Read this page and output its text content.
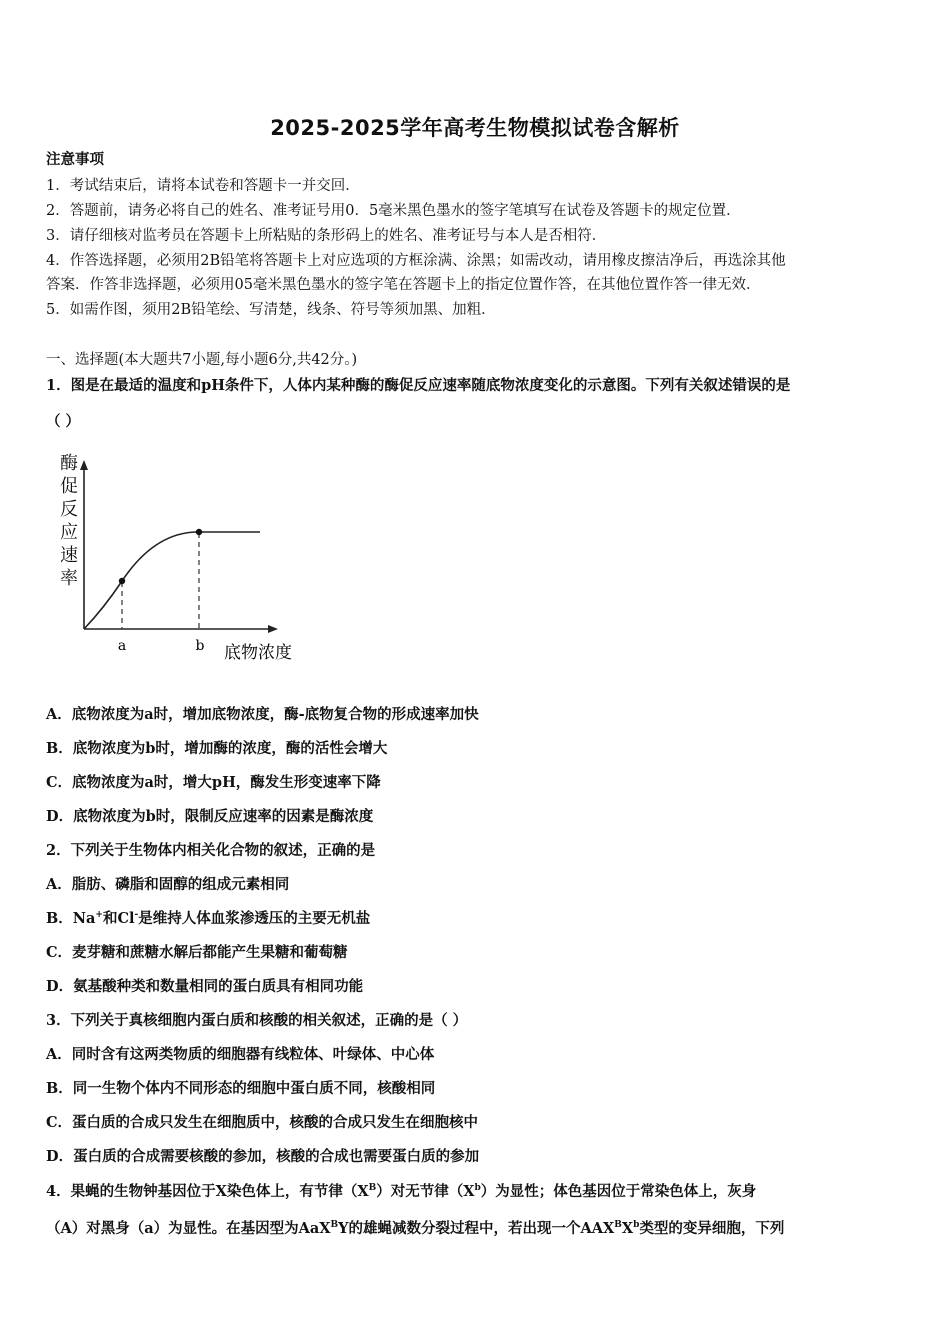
2025-2025学年高考生物模拟试卷含解析
注意事项
1．考试结束后，请将本试卷和答题卡一并交回．
2．答题前，请务必将自己的姓名、准考证号用0．5毫米黑色墨水的签字笔填写在试卷及答题卡的规定位置．
3．请仔细核对监考员在答题卡上所粘贴的条形码上的姓名、准考证号与本人是否相符．
4．作答选择题，必须用2B铅笔将答题卡上对应选项的方框涂满、涂黑；如需改动，请用橡皮擦洁净后，再选涂其他
答案．作答非选择题，必须用05毫米黑色墨水的签字笔在答题卡上的指定位置作答，在其他位置作答一律无效．
5．如需作图，须用2B铅笔绘、写清楚，线条、符号等须加黑、加粗．
一、选择题(本大题共7小题,每小题6分,共42分。)
1．图是在最适的温度和pH条件下，人体内某种酶的酶促反应速率随底物浓度变化的示意图。下列有关叙述错误的是
（ ）
酶
促
反
应
速
率
a	b 底物浓度
A．底物浓度为a时，增加底物浓度，酶-底物复合物的形成速率加快
B．底物浓度为b时，增加酶的浓度，酶的活性会增大
C．底物浓度为a时，增大pH，酶发生形变速率下降
D．底物浓度为b时，限制反应速率的因素是酶浓度
2．下列关于生物体内相关化合物的叙述，正确的是
A．脂肪、磷脂和固醇的组成元素相同
B．Na+和Cl-是维持人体血浆渗透压的主要无机盐
C．麦芽糖和蔗糖水解后都能产生果糖和葡萄糖
D．氨基酸种类和数量相同的蛋白质具有相同功能
3．下列关于真核细胞内蛋白质和核酸的相关叙述，正确的是（ ）
A．同时含有这两类物质的细胞器有线粒体、叶绿体、中心体
B．同一生物个体内不同形态的细胞中蛋白质不同，核酸相同
C．蛋白质的合成只发生在细胞质中，核酸的合成只发生在细胞核中
D．蛋白质的合成需要核酸的参加，核酸的合成也需要蛋白质的参加
4．果蝇的生物钟基因位于X染色体上，有节律$(X^B)$对无节律$(X^b)$为显性；体色基因位于常染色体上，灰身
（A）对黑身（a）为显性。在基因型为AaX$^B$Y的雄蝇减数分裂过程中，若出现一个$AAX^BX^b$类型的变异细胞，下列
